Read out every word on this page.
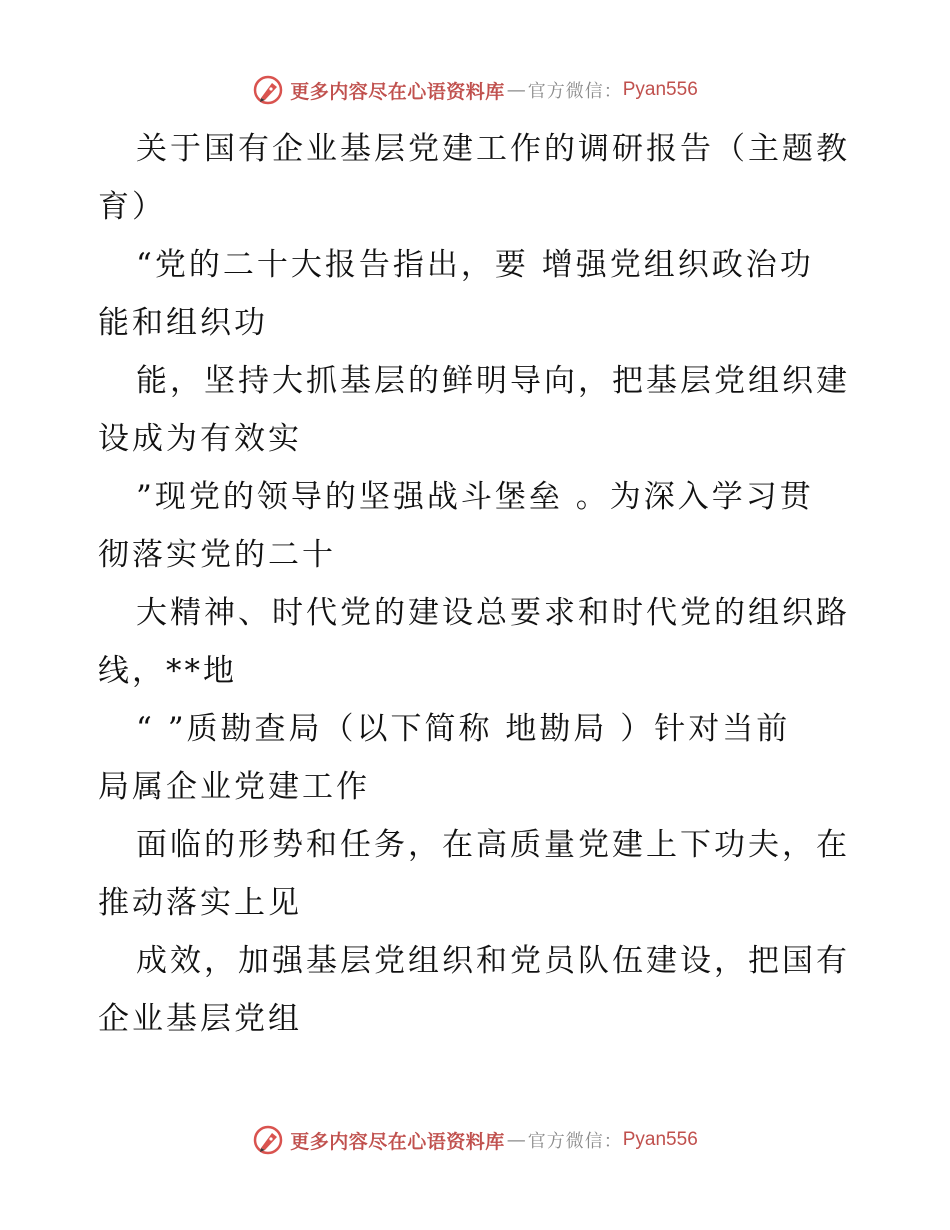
更多内容尽在心语资料库 — 官方微信： Pyan556
关于国有企业基层党建工作的调研报告（主题教
育）
“党的二十大报告指出，要 增强党组织政治功
能和组织功
能，坚持大抓基层的鲜明导向，把基层党组织建
设成为有效实
”现党的领导的坚强战斗堡垒 。为深入学习贯
彻落实党的二十
大精神、时代党的建设总要求和时代党的组织路
线，**地
“ ”质勘查局（以下简称 地勘局 ）针对当前
局属企业党建工作
面临的形势和任务，在高质量党建上下功夫，在
推动落实上见
成效，加强基层党组织和党员队伍建设，把国有
企业基层党组
更多内容尽在心语资料库 — 官方微信： Pyan556
